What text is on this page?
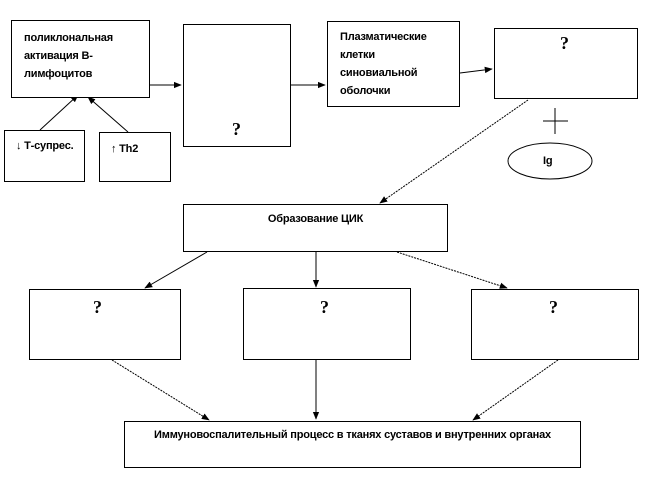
поликлональная активация В-лимфоцитов
↓ Т-супрес.	↑ Th2
?
Плазматические клетки синовиальной оболочки
?
Ig
Образование ЦИК
?	?	?
Иммуновоспалительный процесс в тканях суставов и внутренних органах
